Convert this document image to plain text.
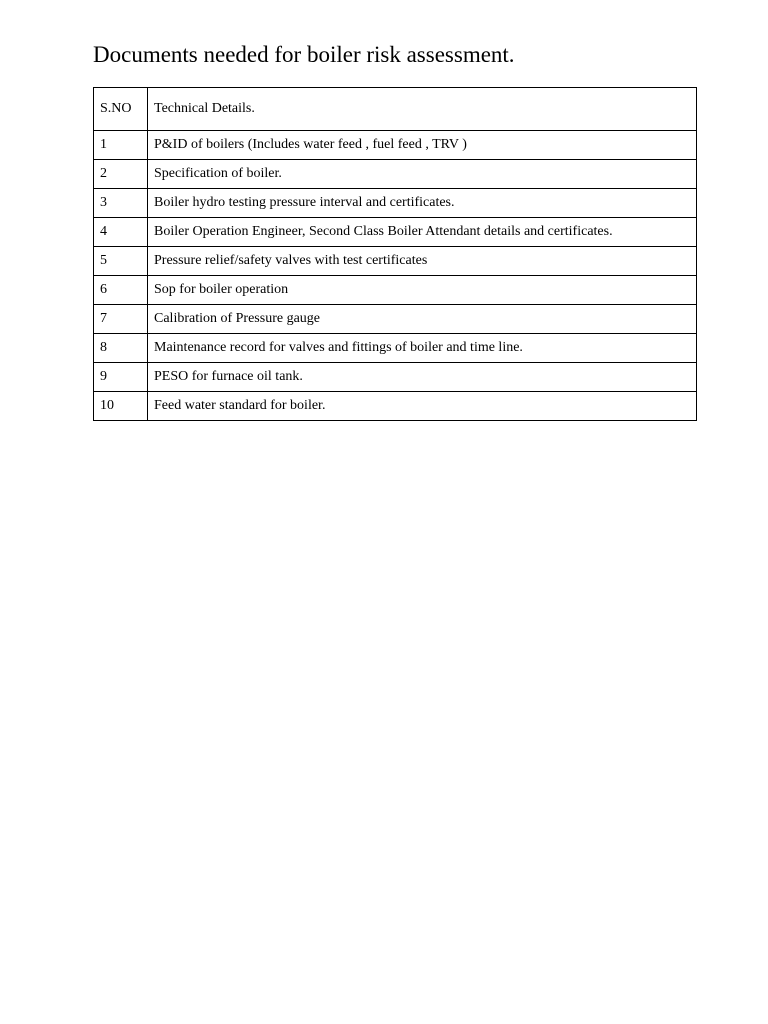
Documents needed for boiler risk assessment.
S.NO	Technical Details.
1	P&ID of boilers (Includes water feed , fuel feed , TRV )
2	Specification of boiler.
3	Boiler hydro testing pressure interval and certificates.
4	Boiler Operation Engineer, Second Class Boiler Attendant details and certificates.
5	Pressure relief/safety valves with test certificates
6	Sop for boiler operation
7	Calibration of Pressure gauge
8	Maintenance record for valves and fittings of boiler and time line.
9	PESO for furnace oil tank.
10	Feed water standard for boiler.
